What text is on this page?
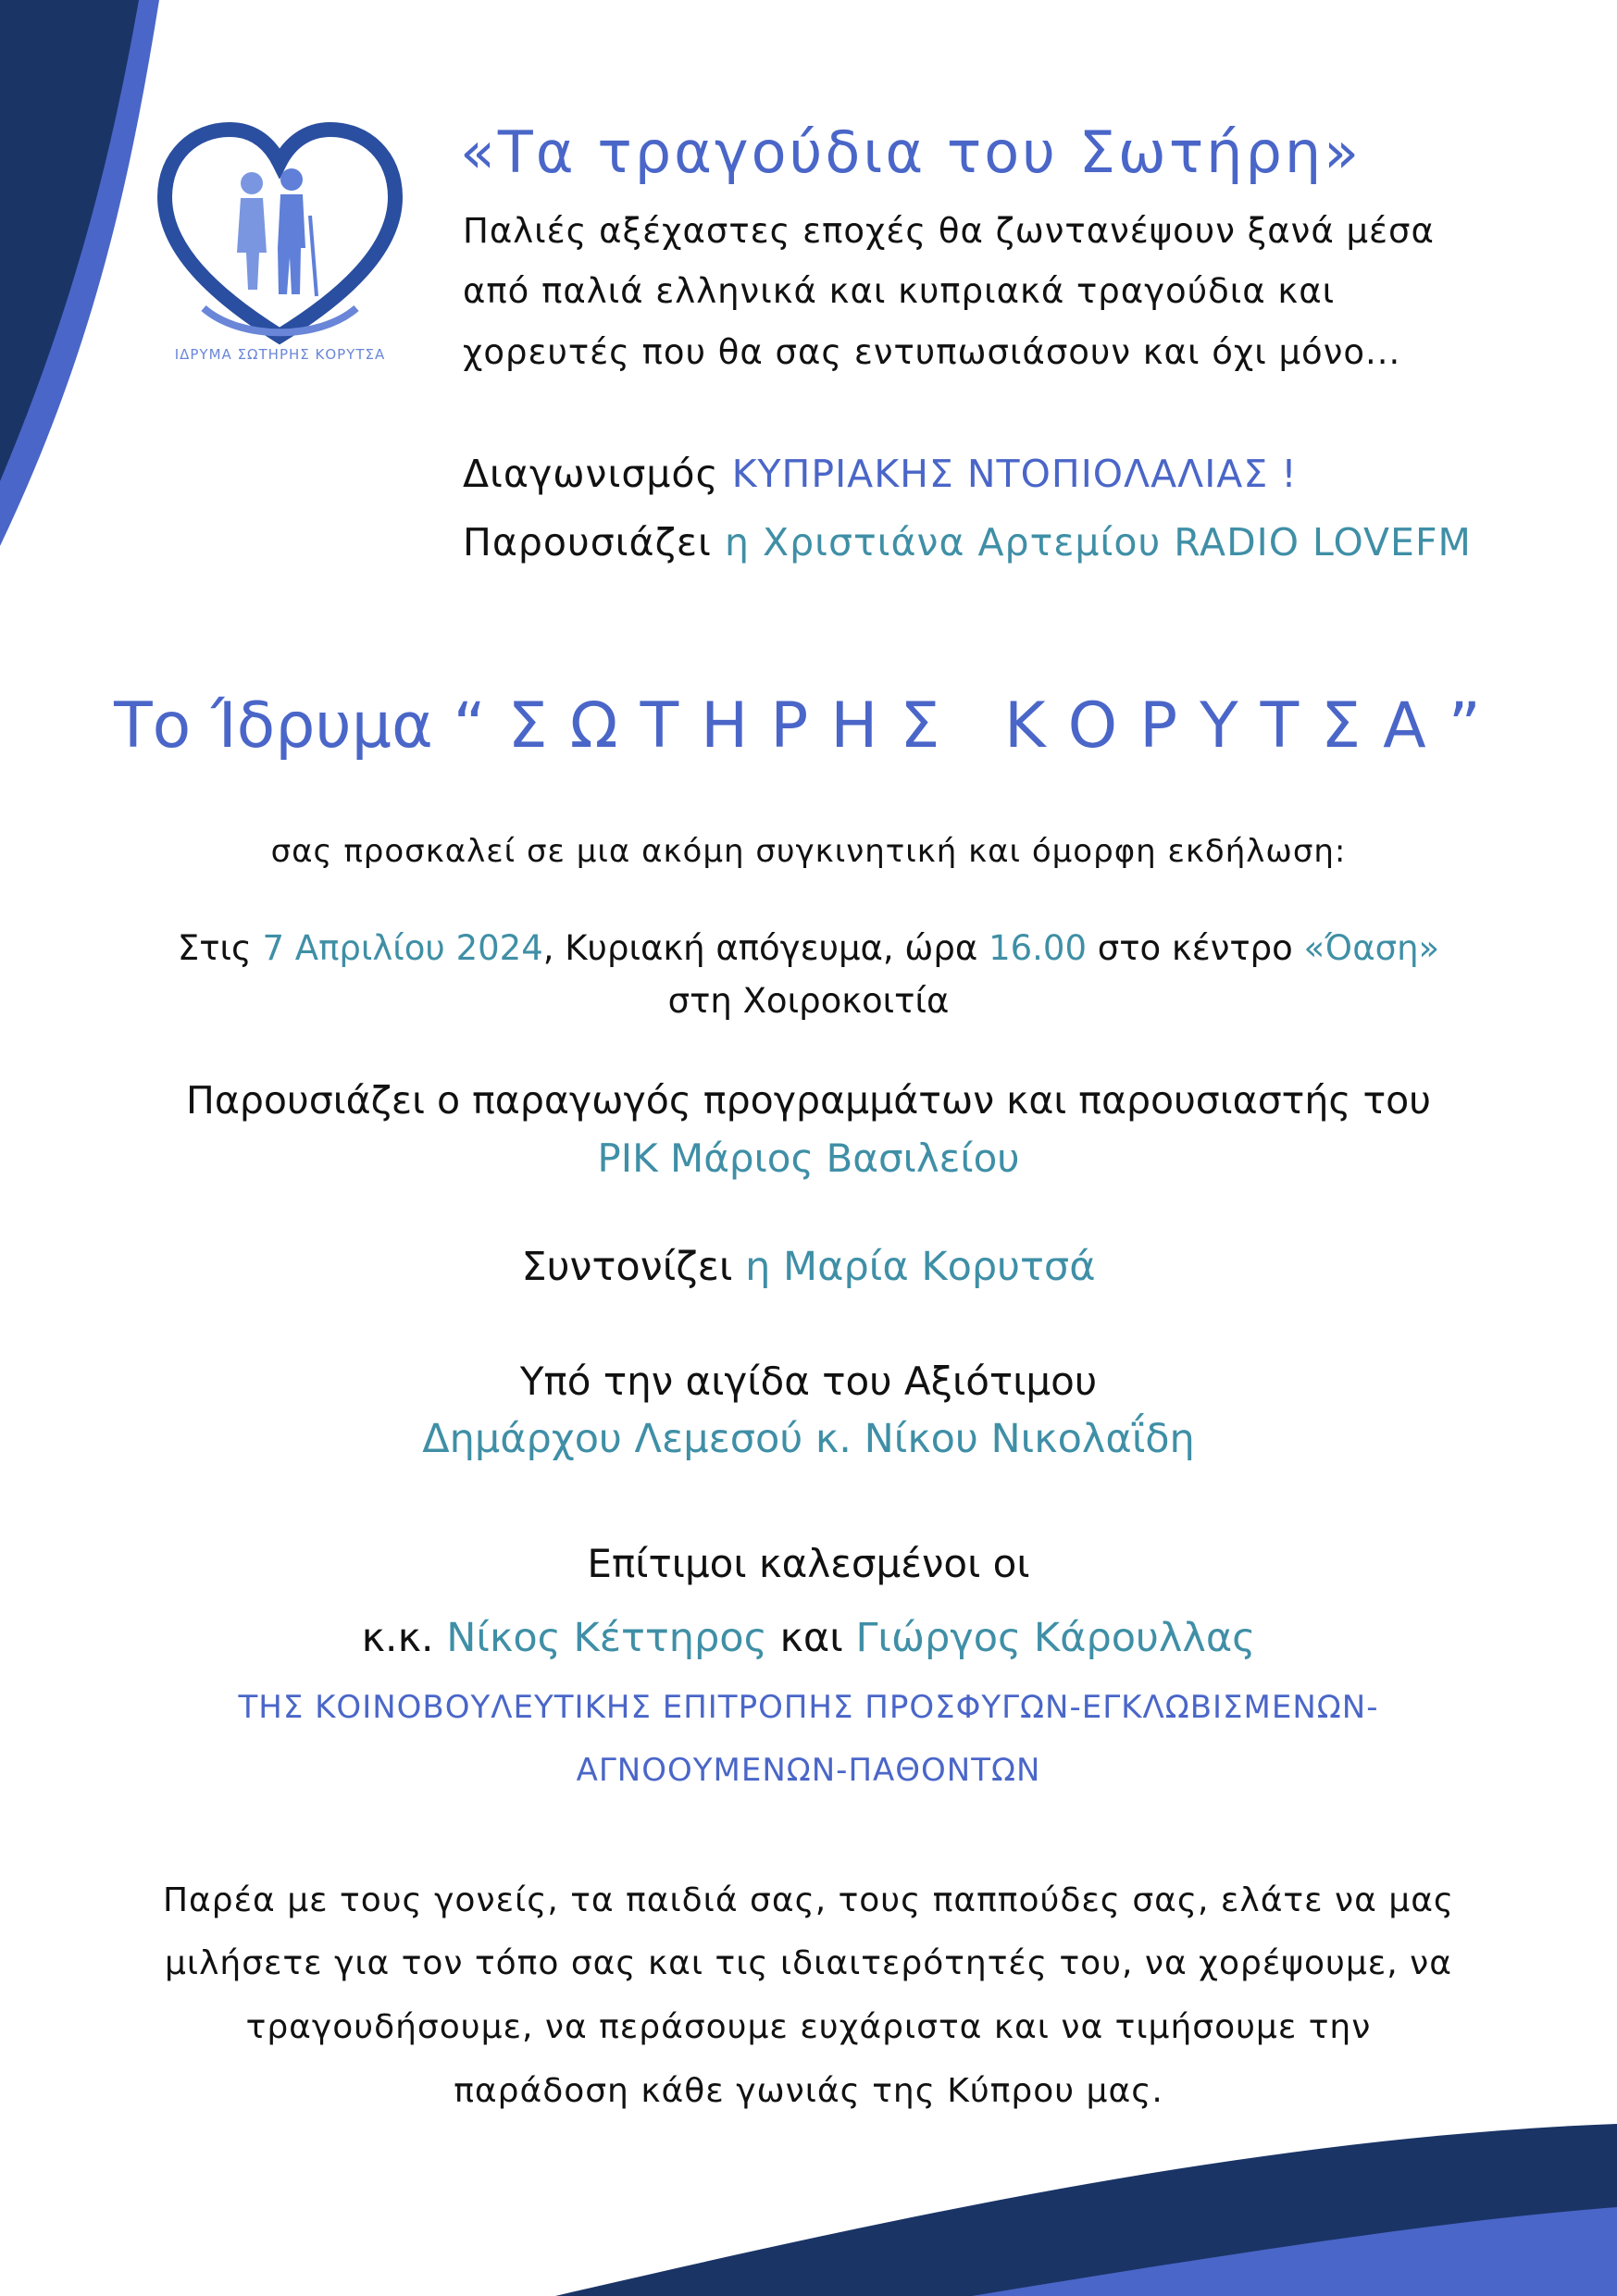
ΙΔΡΥΜΑ ΣΩΤΗΡΗΣ ΚΟΡΥΤΣΑ
«Τα τραγούδια του Σωτήρη»
Παλιές αξέχαστες εποχές θα ζωντανέψουν ξανά μέσα
από παλιά ελληνικά και κυπριακά τραγούδια και
χορευτές που θα σας εντυπωσιάσουν και όχι μόνο...
Διαγωνισμός ΚΥΠΡΙΑΚΗΣ ΝΤΟΠΙΟΛΑΛΙΑΣ !
Παρουσιάζει η Χριστιάνα Αρτεμίου RADIO LOVEFM
Το Ίδρυμα “ΣΩΤΗΡΗΣ ΚΟΡΥΤΣΑ”
σας προσκαλεί σε μια ακόμη συγκινητική και όμορφη εκδήλωση:
Στις 7 Απριλίου 2024, Κυριακή απόγευμα, ώρα 16.00 στο κέντρο «Όαση»
στη Χοιροκοιτία
Παρουσιάζει ο παραγωγός προγραμμάτων και παρουσιαστής του
ΡΙΚ Μάριος Βασιλείου
Συντονίζει η Μαρία Κορυτσά
Υπό την αιγίδα του Αξιότιμου
Δημάρχου Λεμεσού κ. Νίκου Νικολαΐδη
Επίτιμοι καλεσμένοι οι
κ.κ. Νίκος Κέττηρος και Γιώργος Κάρουλλας
ΤΗΣ ΚΟΙΝΟΒΟΥΛΕΥΤΙΚΗΣ ΕΠΙΤΡΟΠΗΣ ΠΡΟΣΦΥΓΩΝ-ΕΓΚΛΩΒΙΣΜΕΝΩΝ-
ΑΓΝΟΟΥΜΕΝΩΝ-ΠΑΘΟΝΤΩΝ
Παρέα με τους γονείς, τα παιδιά σας, τους παππούδες σας, ελάτε να μας
μιλήσετε για τον τόπο σας και τις ιδιαιτερότητές του, να χορέψουμε, να
τραγουδήσουμε, να περάσουμε ευχάριστα και να τιμήσουμε την
παράδοση κάθε γωνιάς της Κύπρου μας.
